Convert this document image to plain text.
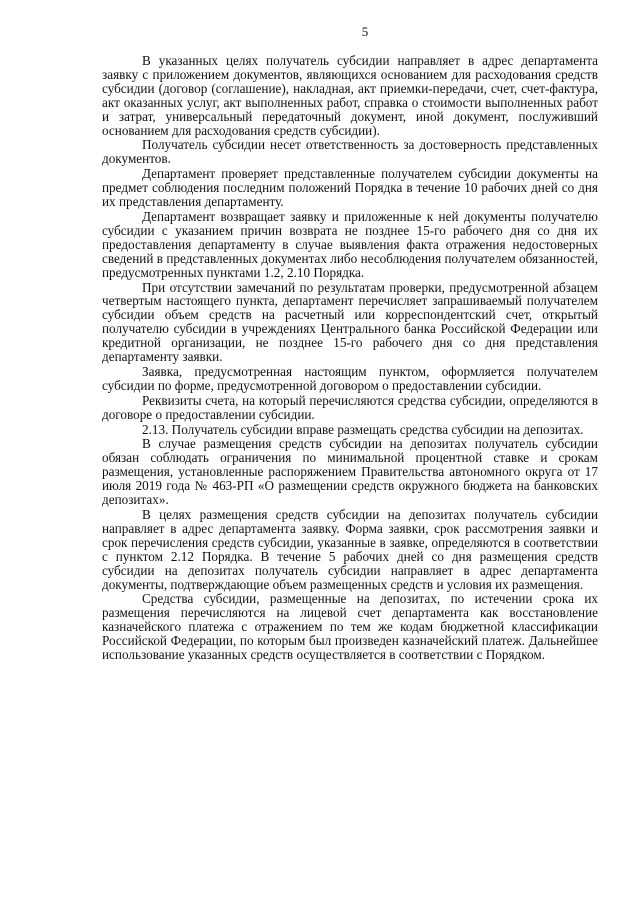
5

В указанных целях получатель субсидии направляет в адрес департамента заявку с приложением документов, являющихся основанием для расходования средств субсидии (договор (соглашение), накладная, акт приемки-передачи, счет, счет-фактура, акт оказанных услуг, акт выполненных работ, справка о стоимости выполненных работ и затрат, универсальный передаточный документ, иной документ, послуживший основанием для расходования средств субсидии).

Получатель субсидии несет ответственность за достоверность представленных документов.

Департамент проверяет представленные получателем субсидии документы на предмет соблюдения последним положений Порядка в течение 10 рабочих дней со дня их представления департаменту.

Департамент возвращает заявку и приложенные к ней документы получателю субсидии с указанием причин возврата не позднее 15-го рабочего дня со дня их предоставления департаменту в случае выявления факта отражения недостоверных сведений в представленных документах либо несоблюдения получателем обязанностей, предусмотренных пунктами 1.2, 2.10 Порядка.

При отсутствии замечаний по результатам проверки, предусмотренной абзацем четвертым настоящего пункта, департамент перечисляет запрашиваемый получателем субсидии объем средств на расчетный или корреспондентский счет, открытый получателю субсидии в учреждениях Центрального банка Российской Федерации или кредитной организации, не позднее 15-го рабочего дня со дня представления департаменту заявки.

Заявка, предусмотренная настоящим пунктом, оформляется получателем субсидии по форме, предусмотренной договором о предоставлении субсидии.

Реквизиты счета, на который перечисляются средства субсидии, определяются в договоре о предоставлении субсидии.

2.13. Получатель субсидии вправе размещать средства субсидии на депозитах.

В случае размещения средств субсидии на депозитах получатель субсидии обязан соблюдать ограничения по минимальной процентной ставке и срокам размещения, установленные распоряжением Правительства автономного округа от 17 июля 2019 года № 463-РП «О размещении средств окружного бюджета на банковских депозитах».

В целях размещения средств субсидии на депозитах получатель субсидии направляет в адрес департамента заявку. Форма заявки, срок рассмотрения заявки и срок перечисления средств субсидии, указанные в заявке, определяются в соответствии с пунктом 2.12 Порядка. В течение 5 рабочих дней со дня размещения средств субсидии на депозитах получатель субсидии направляет в адрес департамента документы, подтверждающие объем размещенных средств и условия их размещения.

Средства субсидии, размещенные на депозитах, по истечении срока их размещения перечисляются на лицевой счет департамента как восстановление казначейского платежа с отражением по тем же кодам бюджетной классификации Российской Федерации, по которым был произведен казначейский платеж. Дальнейшее использование указанных средств осуществляется в соответствии с Порядком.
